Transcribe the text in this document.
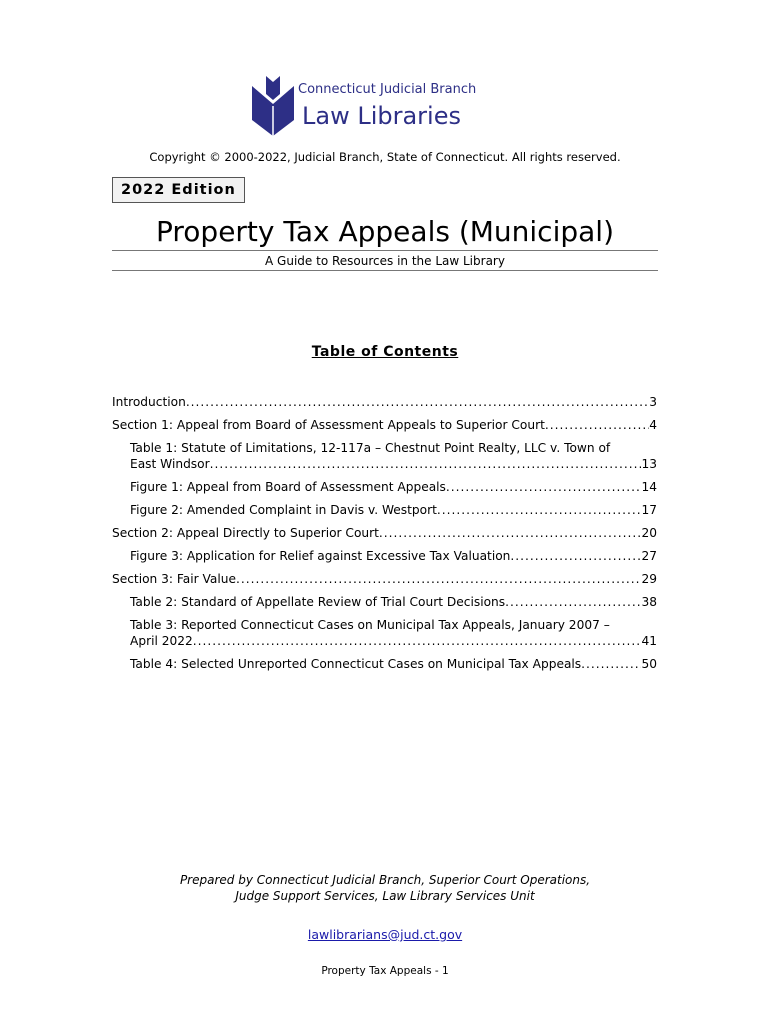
Connecticut Judicial Branch
Law Libraries
Copyright © 2000-2022, Judicial Branch, State of Connecticut. All rights reserved.
2022 Edition
Property Tax Appeals (Municipal)
A Guide to Resources in the Law Library
Table of Contents
Introduction .....	3
Section 1: Appeal from Board of Assessment Appeals to Superior Court .....	4
Table 1: Statute of Limitations, 12-117a – Chestnut Point Realty, LLC v. Town of
East Windsor .....	13
Figure 1: Appeal from Board of Assessment Appeals .....	14
Figure 2: Amended Complaint in Davis v. Westport .....	17
Section 2: Appeal Directly to Superior Court .....	20
Figure 3: Application for Relief against Excessive Tax Valuation .....	27
Section 3: Fair Value .....	29
Table 2: Standard of Appellate Review of Trial Court Decisions .....	38
Table 3: Reported Connecticut Cases on Municipal Tax Appeals, January 2007 –
April 2022 .....	41
Table 4: Selected Unreported Connecticut Cases on Municipal Tax Appeals .....	50
Prepared by Connecticut Judicial Branch, Superior Court Operations,
Judge Support Services, Law Library Services Unit
lawlibrarians@jud.ct.gov
Property Tax Appeals - 1
